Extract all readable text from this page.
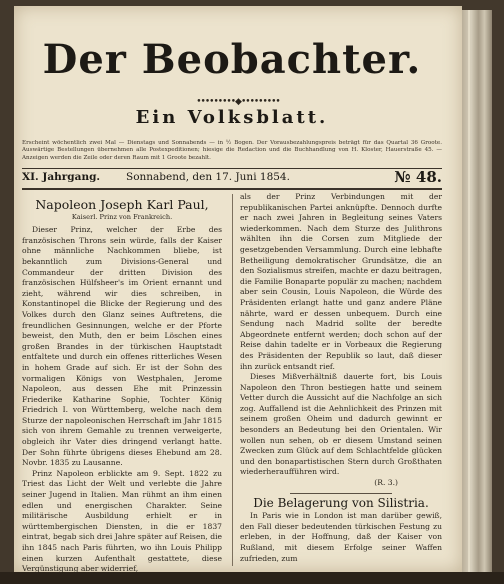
Der Beobachter.
•••••••••◆•••••••••
Ein Volksblatt.
Erscheint wöchentlich zwei Mal — Dienstags und Sonnabends — in ½ Bogen. Der Vorausbezahlungspreis beträgt für das Quartal 36 Groote. Auswärtige Bestellungen übernehmen alle Postexpeditionen; hiesige die Redaction und die Buchhandlung von H. Kloster, Hauerstraße 45. — Anzeigen werden die Zeile oder deren Raum mit 1 Groote bezahlt.
XI. Jahrgang. Sonnabend, den 17. Juni 1854.	№ 48.
Napoleon Joseph Karl Paul,
Kaiserl. Prinz von Frankreich.

Dieser Prinz, welcher der Erbe des französischen Throns sein würde, falls der Kaiser ohne männliche Nachkommen bliebe, ist bekanntlich zum Divisions-General und Commandeur der dritten Division des französischen Hülfsheer's im Orient ernannt und zieht, während wir dies schreiben, in Konstantinopel die Blicke der Regierung und des Volkes durch den Glanz seines Auftretens, die freundlichen Gesinnungen, welche er der Pforte beweist, den Muth, den er beim Löschen eines großen Brandes in der türkischen Hauptstadt entfaltete und durch ein offenes ritterliches Wesen in hohem Grade auf sich. Er ist der Sohn des vormaligen Königs von Westphalen, Jerome Napoleon, aus dessen Ehe mit Prinzessin Friederike Katharine Sophie, Tochter König Friedrich I. von Württemberg, welche nach dem Sturze der napoleonischen Herrschaft im Jahr 1815 sich von ihrem Gemahle zu trennen verweigerte, obgleich ihr Vater dies dringend verlangt hatte. Der Sohn führte übrigens dieses Ehebund am 28. Novbr. 1835 zu Lausanne.

Prinz Napoleon erblickte am 9. Sept. 1822 zu Triest das Licht der Welt und verlebte die Jahre seiner Jugend in Italien. Man rühmt an ihm einen edlen und energischen Charakter. Seine militärische Ausbildung erhielt er in württembergischen Diensten, in die er 1837 eintrat, begab sich drei Jahre später auf Reisen, die ihn 1845 nach Paris führten, wo ihn Louis Philipp einen kurzen Aufenthalt gestattete, diese Vergünstigung aber widerrief,

als der Prinz Verbindungen mit der republikanischen Partei anknüpfte. Dennoch durfte er nach zwei Jahren in Begleitung seines Vaters wiederkommen. Nach dem Sturze des Julithrons wählten ihn die Corsen zum Mitgliede der gesetzgebenden Versammlung. Durch eine lebhafte Betheiligung demokratischer Grundsätze, die an den Sozialismus streifen, machte er dazu beitragen, die Familie Bonaparte populär zu machen; nachdem aber sein Cousin, Louis Napoleon, die Würde des Präsidenten erlangt hatte und ganz andere Pläne nährte, ward er dessen unbequem. Durch eine Sendung nach Madrid sollte der beredte Abgeordnete entfernt werden; doch schon auf der Reise dahin tadelte er in Vorbeaux die Regierung des Präsidenten der Republik so laut, daß dieser ihn zurück entsandt rief.

Dieses Mißverhältniß dauerte fort, bis Louis Napoleon den Thron bestiegen hatte und seinem Vetter durch die Aussicht auf die Nachfolge an sich zog. Auffallend ist die Aehnlichkeit des Prinzen mit seinem großen Oheim und dadurch gewinnt er besonders an Bedeutung bei den Orientalen. Wir wollen nun sehen, ob er diesem Umstand seinen Zwecken zum Glück auf dem Schlachtfelde glücken und den bonapartistischen Stern durch Großthaten wiederheraufführen wird.

(R. 3.)

Die Belagerung von Silistria.

In Paris wie in London ist man darüber gewiß, den Fall dieser bedeutenden türkischen Festung zu erleben, in der Hoffnung, daß der Kaiser von Rußland, mit diesem Erfolge seiner Waffen zufrieden, zum
